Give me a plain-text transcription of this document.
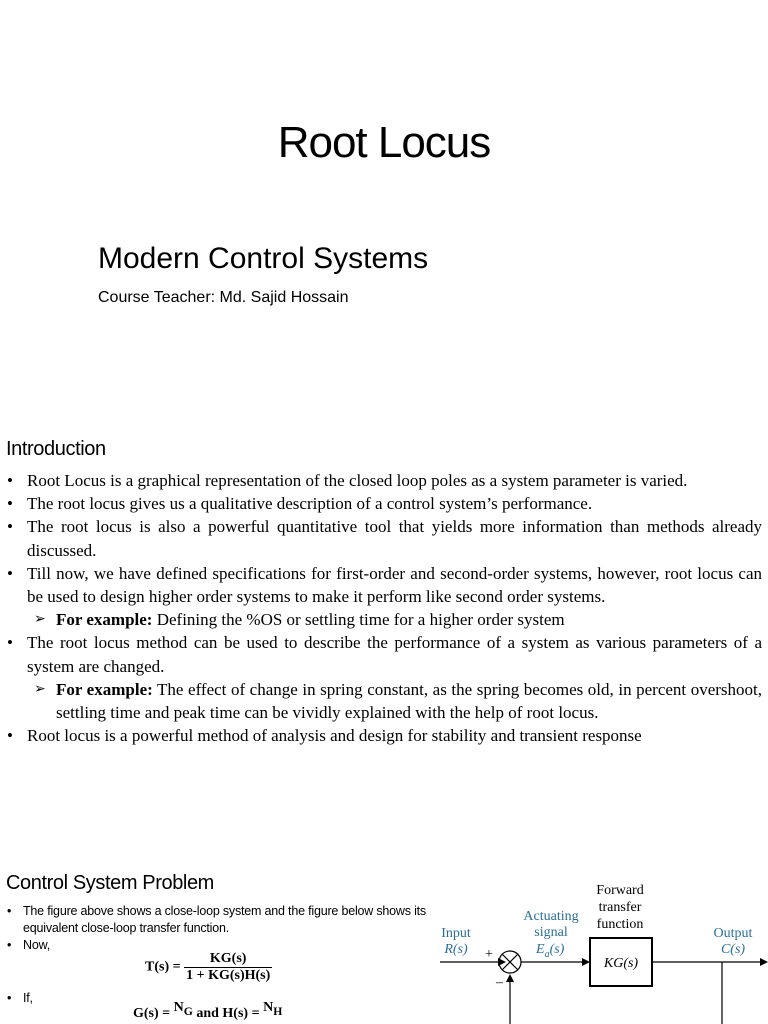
Root Locus
Modern Control Systems
Course Teacher: Md. Sajid Hossain
Introduction
• Root Locus is a graphical representation of the closed loop poles as a system parameter is varied.
• The root locus gives us a qualitative description of a control system’s performance.
• The root locus is also a powerful quantitative tool that yields more information than methods already discussed.
• Till now, we have defined specifications for first-order and second-order systems, however, root locus can be used to design higher order systems to make it perform like second order systems.
➢ For example: Defining the %OS or settling time for a higher order system
• The root locus method can be used to describe the performance of a system as various parameters of a system are changed.
➢ For example: The effect of change in spring constant, as the spring becomes old, in percent overshoot, settling time and peak time can be vividly explained with the help of root locus.
• Root locus is a powerful method of analysis and design for stability and transient response
Control System Problem
• The figure above shows a close-loop system and the figure below shows its equivalent close-loop transfer function.
• Now,
$T(s) = \frac{KG(s)}{1 + KG(s)H(s)}$
• If,
$G(s) = N_G$ and $H(s) = N_H$
Forward
transfer
function
Actuating
signal
$E_a(s)$
Input
R(s)
Output
C(s)
+
–
KG(s)
